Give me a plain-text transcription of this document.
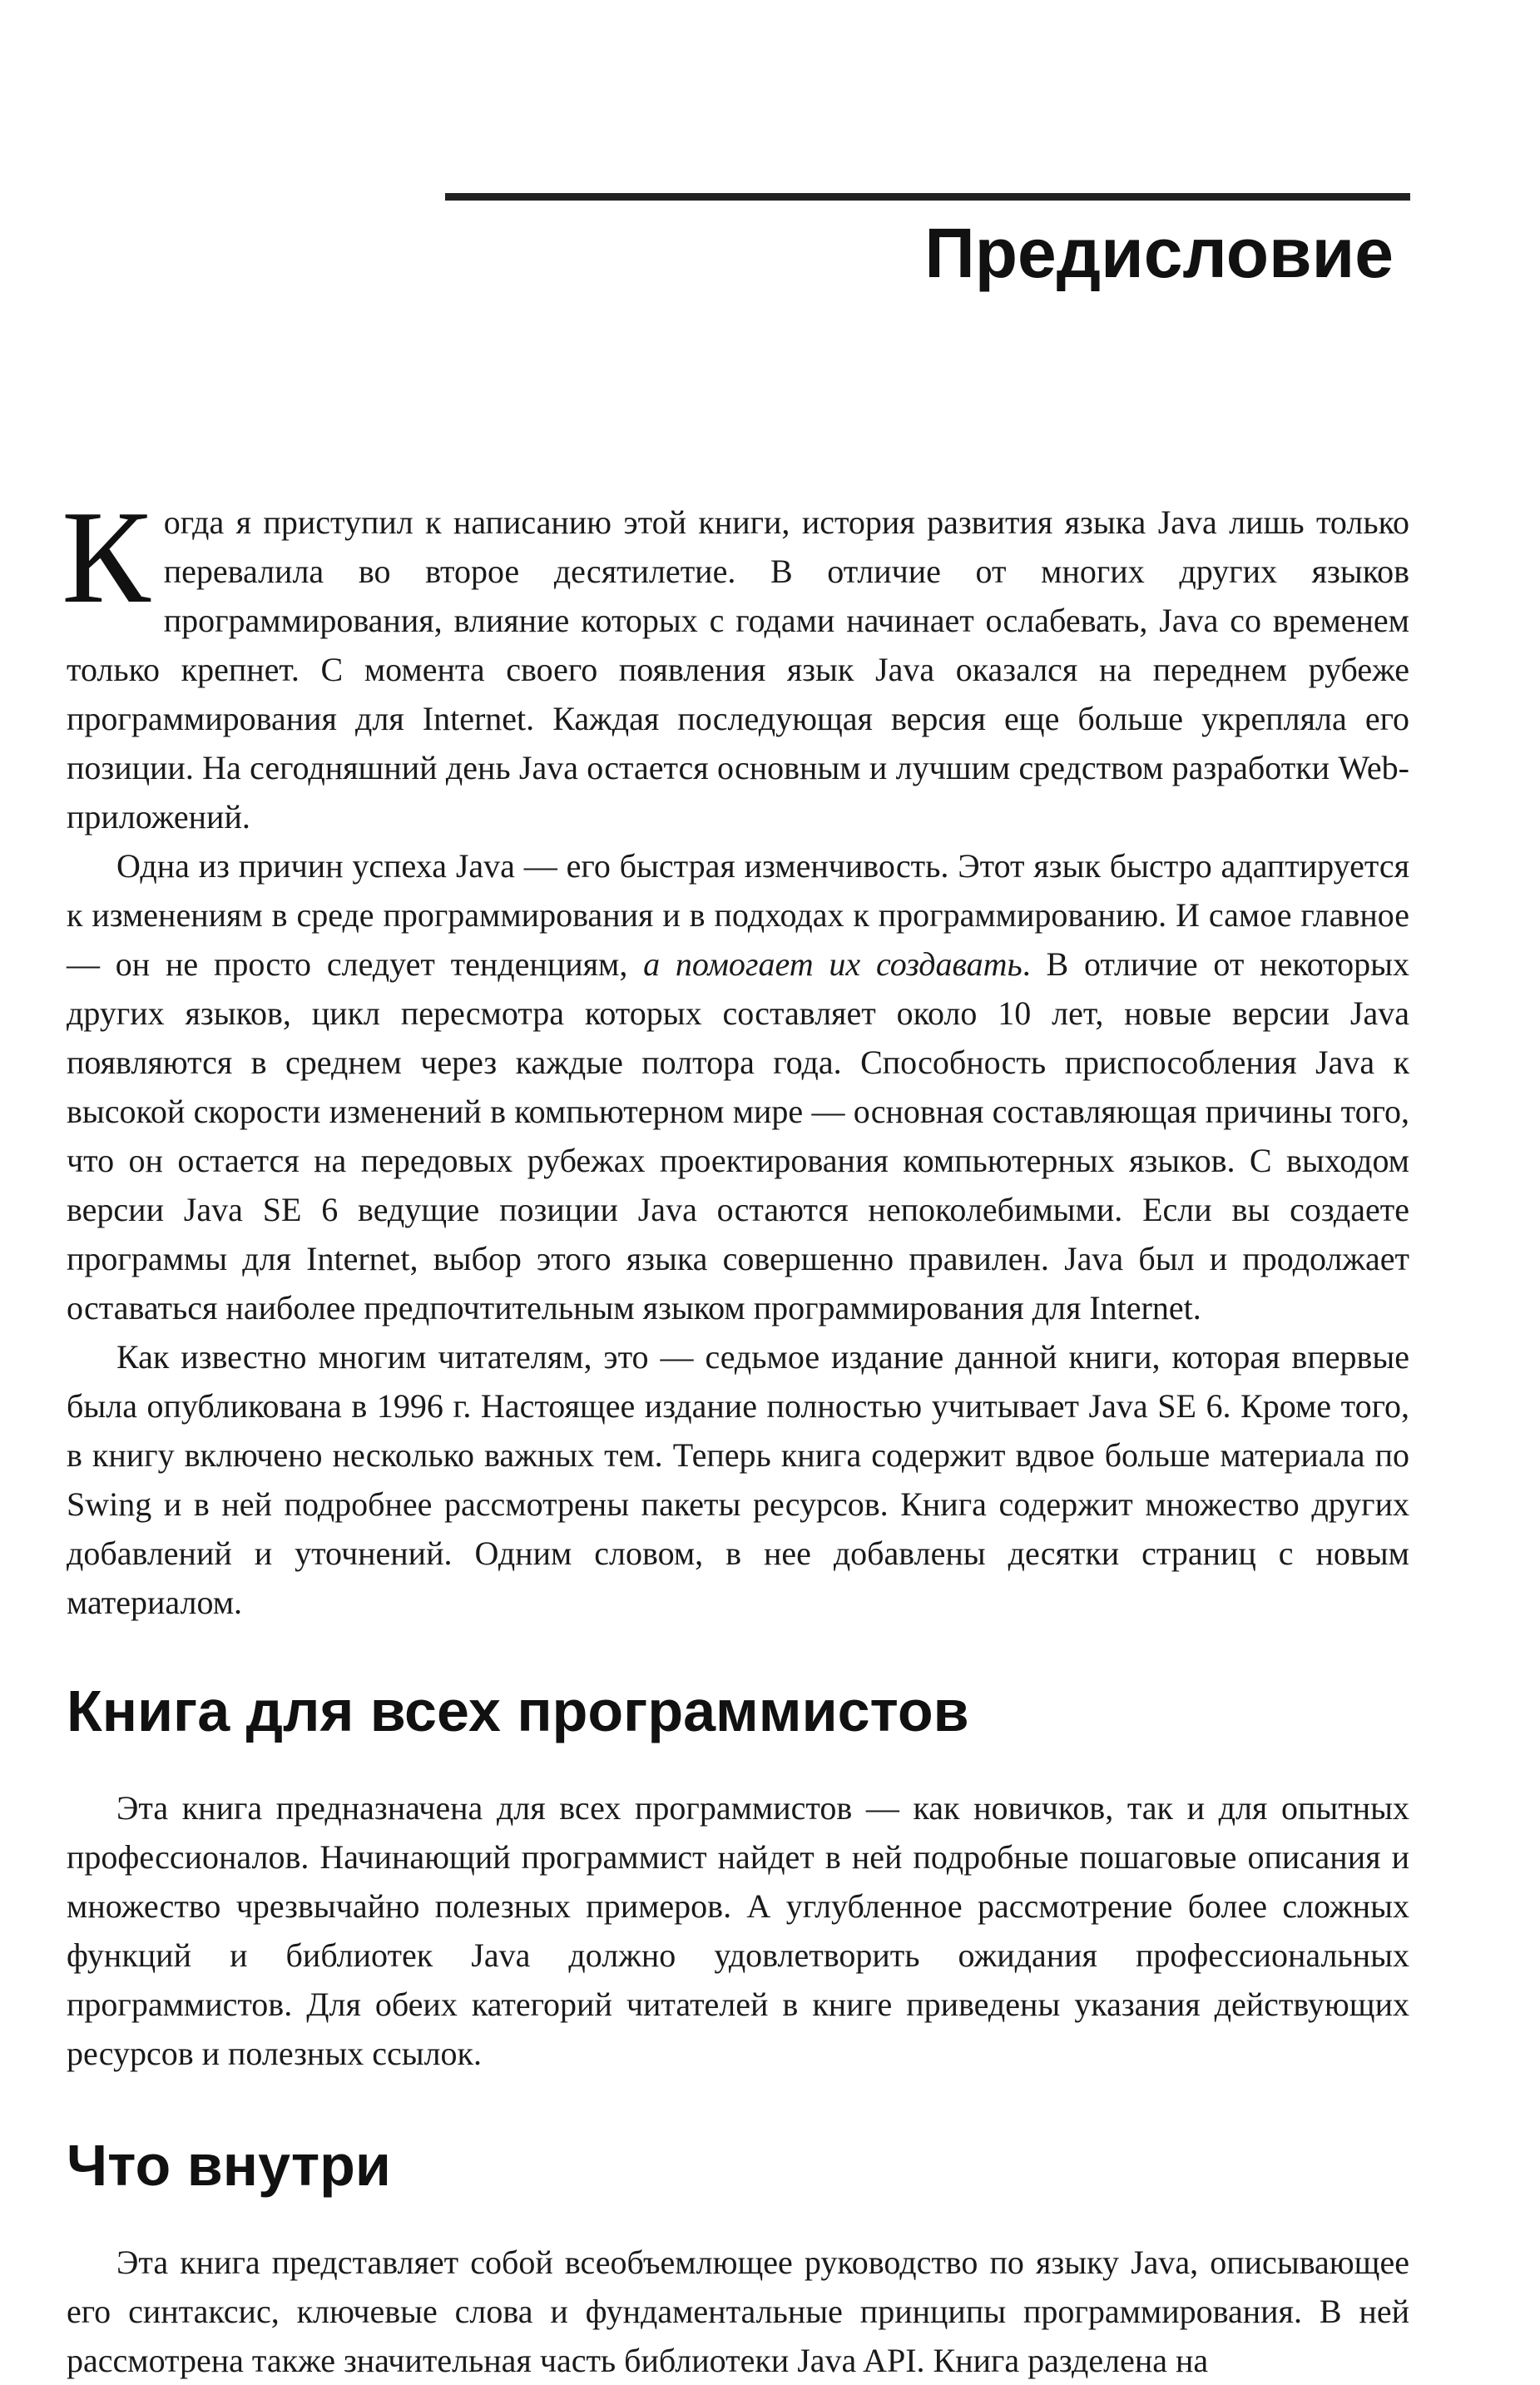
Предисловие

Когда я приступил к написанию этой книги, история развития языка Java лишь только перевалила во второе десятилетие. В отличие от многих других языков программирования, влияние которых с годами начинает ослабевать, Java со временем только крепнет. С момента своего появления язык Java оказался на переднем рубеже программирования для Internet. Каждая последующая версия еще больше укрепляла его позиции. На сегодняшний день Java остается основным и лучшим средством разработки Web-приложений.

Одна из причин успеха Java — его быстрая изменчивость. Этот язык быстро адаптируется к изменениям в среде программирования и в подходах к программированию. И самое главное — он не просто следует тенденциям, а помогает их создавать. В отличие от некоторых других языков, цикл пересмотра которых составляет около 10 лет, новые версии Java появляются в среднем через каждые полтора года. Способность приспособления Java к высокой скорости изменений в компьютерном мире — основная составляющая причины того, что он остается на передовых рубежах проектирования компьютерных языков. С выходом версии Java SE 6 ведущие позиции Java остаются непоколебимыми. Если вы создаете программы для Internet, выбор этого языка совершенно правилен. Java был и продолжает оставаться наиболее предпочтительным языком программирования для Internet.

Как известно многим читателям, это — седьмое издание данной книги, которая впервые была опубликована в 1996 г. Настоящее издание полностью учитывает Java SE 6. Кроме того, в книгу включено несколько важных тем. Теперь книга содержит вдвое больше материала по Swing и в ней подробнее рассмотрены пакеты ресурсов. Книга содержит множество других добавлений и уточнений. Одним словом, в нее добавлены десятки страниц с новым материалом.

Книга для всех программистов

Эта книга предназначена для всех программистов — как новичков, так и для опытных профессионалов. Начинающий программист найдет в ней подробные пошаговые описания и множество чрезвычайно полезных примеров. А углубленное рассмотрение более сложных функций и библиотек Java должно удовлетворить ожидания профессиональных программистов. Для обеих категорий читателей в книге приведены указания действующих ресурсов и полезных ссылок.

Что внутри

Эта книга представляет собой всеобъемлющее руководство по языку Java, описывающее его синтаксис, ключевые слова и фундаментальные принципы программирования. В ней рассмотрена также значительная часть библиотеки Java API. Книга разделена на
